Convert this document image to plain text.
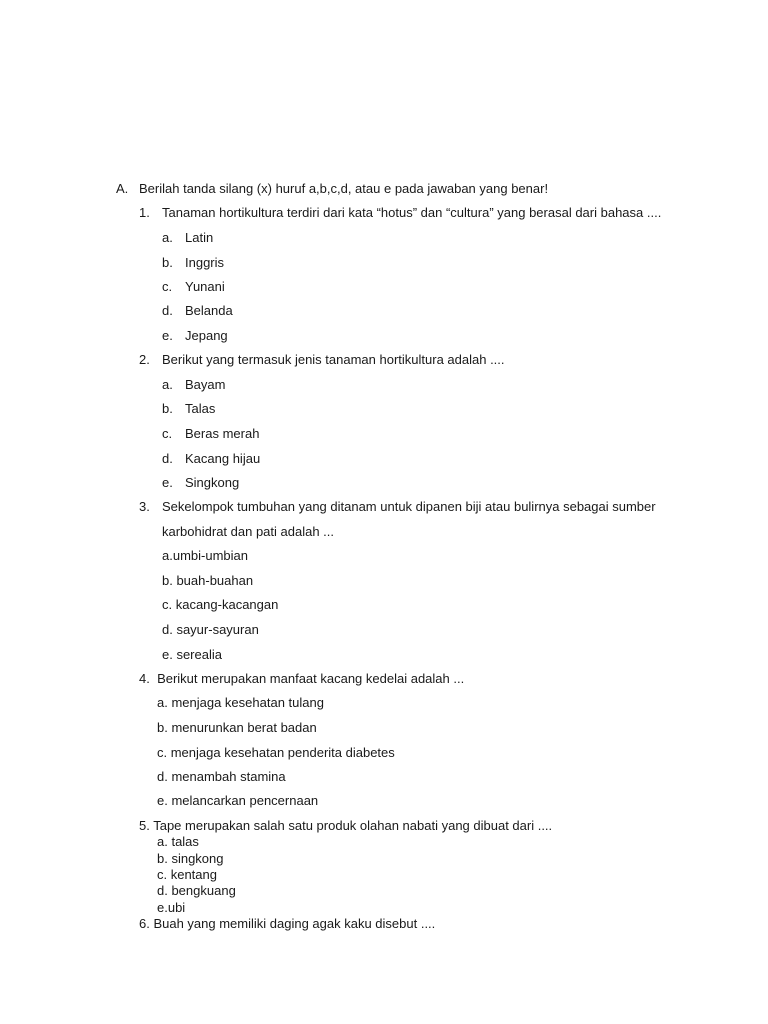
A. Berilah tanda silang (x) huruf a,b,c,d, atau e pada jawaban yang benar!
1. Tanaman hortikultura terdiri dari kata “hotus” dan “cultura” yang berasal dari bahasa ....
a. Latin
b. Inggris
c. Yunani
d. Belanda
e. Jepang
2. Berikut yang termasuk jenis tanaman hortikultura adalah ....
a. Bayam
b. Talas
c. Beras merah
d. Kacang hijau
e. Singkong
3. Sekelompok tumbuhan yang ditanam untuk dipanen biji atau bulirnya sebagai sumber
karbohidrat dan pati adalah ...
a.umbi-umbian
b. buah-buahan
c. kacang-kacangan
d. sayur-sayuran
e. serealia
4.  Berikut merupakan manfaat kacang kedelai adalah ...
a. menjaga kesehatan tulang
b. menurunkan berat badan
c. menjaga kesehatan penderita diabetes
d. menambah stamina
e. melancarkan pencernaan
5. Tape merupakan salah satu produk olahan nabati yang dibuat dari ....
a. talas
b. singkong
c. kentang
d. bengkuang
e.ubi
6. Buah yang memiliki daging agak kaku disebut ....
